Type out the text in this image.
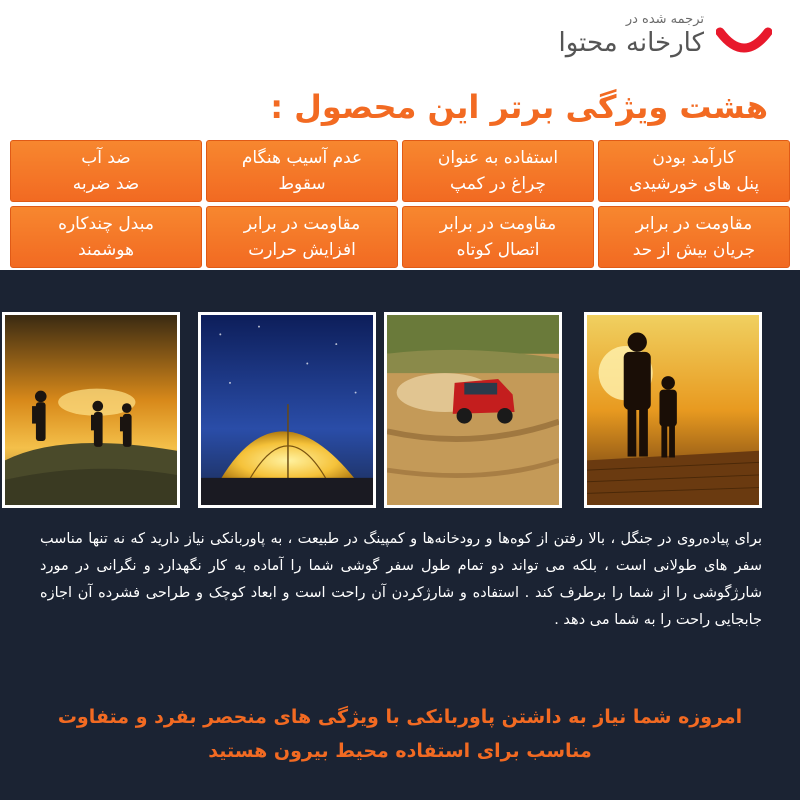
ترجمه شده در
کارخانه محتوا
هشت ویژگی برتر این محصول :
کارآمد بودن
پنل های خورشیدی
استفاده به عنوان
چراغ در کمپ
عدم آسیب هنگام
سقوط
ضد آب
ضد ضربه
مقاومت در برابر
جریان بیش از حد
مقاومت در برابر
اتصال کوتاه
مقاومت در برابر
افزایش حرارت
مبدل چندکاره
هوشمند
برای پیاده‌روی در جنگل ، بالا رفتن از کوه‌ها و رودخانه‌ها و کمپینگ در طبیعت ، به پاوربانکی نیاز دارید که نه تنها مناسب سفر های طولانی است ، بلکه می تواند دو تمام طول سفر گوشی شما را آماده به کار نگهدارد و نگرانی در مورد شارژگوشی را از شما را برطرف کند . استفاده و شارژکردن آن راحت است و ابعاد کوچک و طراحی فشرده آن اجازه جابجایی راحت را به شما می دهد .
امروزه شما نیاز به داشتن پاوربانکی با ویژگی های منحصر بفرد و متفاوت
مناسب برای استفاده محیط بیرون هستید
